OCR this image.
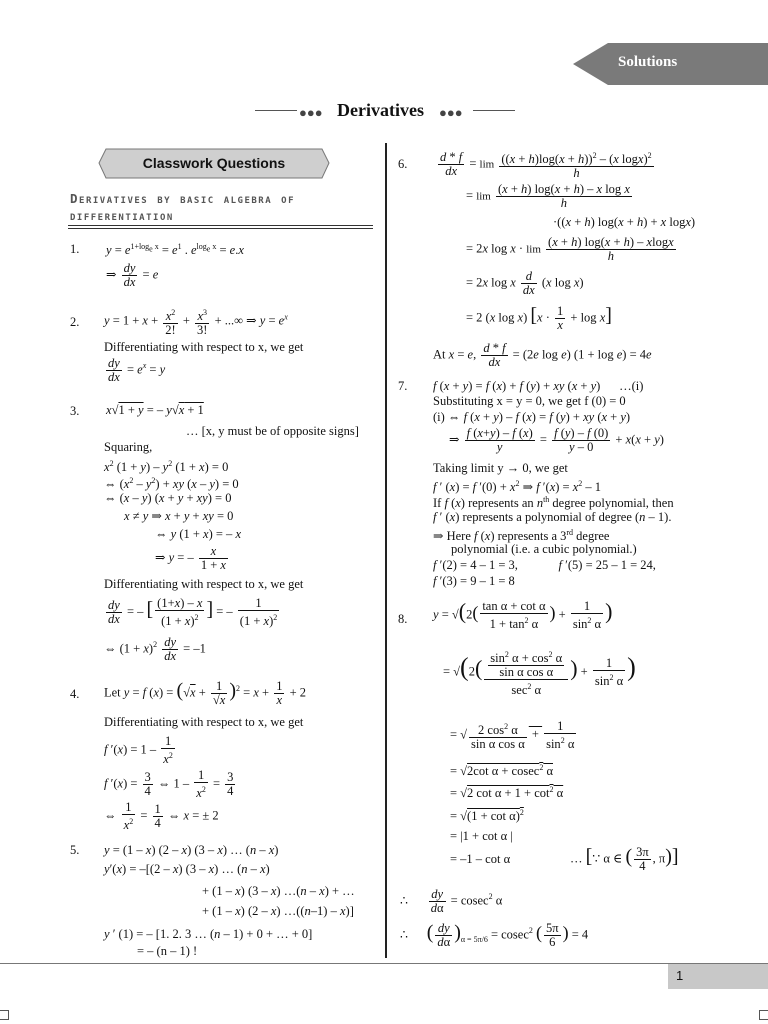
Solutions
●●● Derivatives ●●●
Classwork Questions
Derivatives by basic algebra of differentiation
1. $y = e^{1+log_e x} = e^1$ . $e^{log_e x} = e.x$
⇒ $\frac{dy}{dx} = e$
2. $y = 1 + x + \frac{x^2}{2!} + \frac{x^3}{3!}$ + ...∞ ⇒ $y = e^x$
Differentiating with respect to x, we get
$\frac{dy}{dx} = e^x = y$
3. x√1 + y = – y√x + 1
… [x, y must be of opposite signs]
Squaring,
$x^2$ $(1 + y) - y^2$ (1 + x) = 0
⇔ $(x^2 - y^2)$ + xy (x – y) = 0
⇔ (x – y) (x + y + xy) = 0
x ≠ y ⇒ x + y + xy = 0
⇔ y (1 + x) = – x
⇒ y = – $\frac{x}{1 + x}$
Differentiating with respect to x, we get
$\frac{dy}{dx}$ = – [ $\frac{(1+x) - x}{(1 + x)^2}$ ] = – $\frac{1}{(1 + x)^2}$
⇔ $(1 + x)^2 \frac{dy}{dx} = -1$
4. Let y = f $(x) = (√x + \frac{1}{√x} )^2 = x + \frac{1}{x} + 2$
Differentiating with respect to x, we get
f $'(x) = 1 - \frac{1}{x^2}$
f $'(x) = \frac{3}{4}$ ⇔ $1 - \frac{1}{x^2} = \frac{3}{4}$
⇔ $\frac{1}{x^2} = \frac{1}{4}$ ⇔ x = ± 2
5. y = (1 – x) (2 – x) (3 – x) … (n – x)
y′(x) = –[(2 – x) (3 – x) … (n – x)
+ (1 – x) (3 – x) …(n – x) + …
+ (1 – x) (2 – x) …((n–1) – x)]
y ′ (1) = – [1. 2. 3 … (n – 1) + 0 + … + 0]
= – (n – 1) !
6. $\frac{d * f}{dx} = \lim \frac{((x + h)\log(x + h))^2 - (x \log x)^2}{h}$
= $\lim \frac{\text{(x + h) log(x + h) – x log x}}{h}$
·((x + h) log(x + h) + x logx)
= 2x $\log x \cdot \lim \frac{(x + h) \log(x + h) - xlogx}{h}$
= 2x log x $\frac{d}{dx} (x$ log x)
= 2 (x log x) $[x \cdot \frac{1}{x} + \log x]$
At x = e, $\frac{d * f}{dx} = (2e$ log e) (1 + log e) = 4e
7. f (x + y) = f (x) + f (y) + xy (x + y)      …(i)
Substituting x = y = 0, we get f (0) = 0
(i) ⇔ f (x + y) – f (x) = f (y) + xy (x + y)
⇒ $\frac{f (x+y) - f (x)}{y} = \frac{f (y) - f (0)}{y - 0} + x(x + y)$
Taking limit y → 0, we get
f ′ (x) = f $'(0) + x^2$ ⇒ f $'(x) = x^2 - 1$
If f (x) represents an $n^{th}$ degree polynomial, then
f ′ (x) represents a polynomial of degree (n – 1).
⇒ Here f (x) represents a 3rd degree
polynomial (i.e. a cubic polynomial.)
f ′(2) = 4 – 1 = 3,             f ′(5) = 25 – 1 = 24,
f ′(3) = 9 – 1 = 8
8. $y = √(2( \frac{\text{tan α + cot α}}{1 + \tan^2 \alpha}$ ) + $\frac{1}{\sin^2 \alpha}$ )
= $√(2( \frac{\frac{\sin^2 \alpha + \cos^2 \alpha}{\text{sin α cos α}}}{\sec^2 \alpha}$ ) + $\frac{1}{\sin^2 \alpha}$ )
= √ $\frac{2 \cos^2 \alpha}{\text{sin α cos α}} + \frac{1}{\sin^2 \alpha}$
= √2cot α + cosec$^2$ α
= √2 $\cot \alpha + 1 + \cot^2 \alpha$
= $√(1 + \cot \alpha)^2$
= |1 + cot α |
= –1 – cot α	… [∵ α ∈ ( $\frac{3\pi}{4}$ , π)]
∴ $\frac{dy}{d\alpha} = cosec^2$ α
∴      ( $\frac{dy}{d\alpha} )_{\alpha = 5\pi/6} = cosec^2$ ( $\frac{5\pi}{6}$ ) = 4
1
